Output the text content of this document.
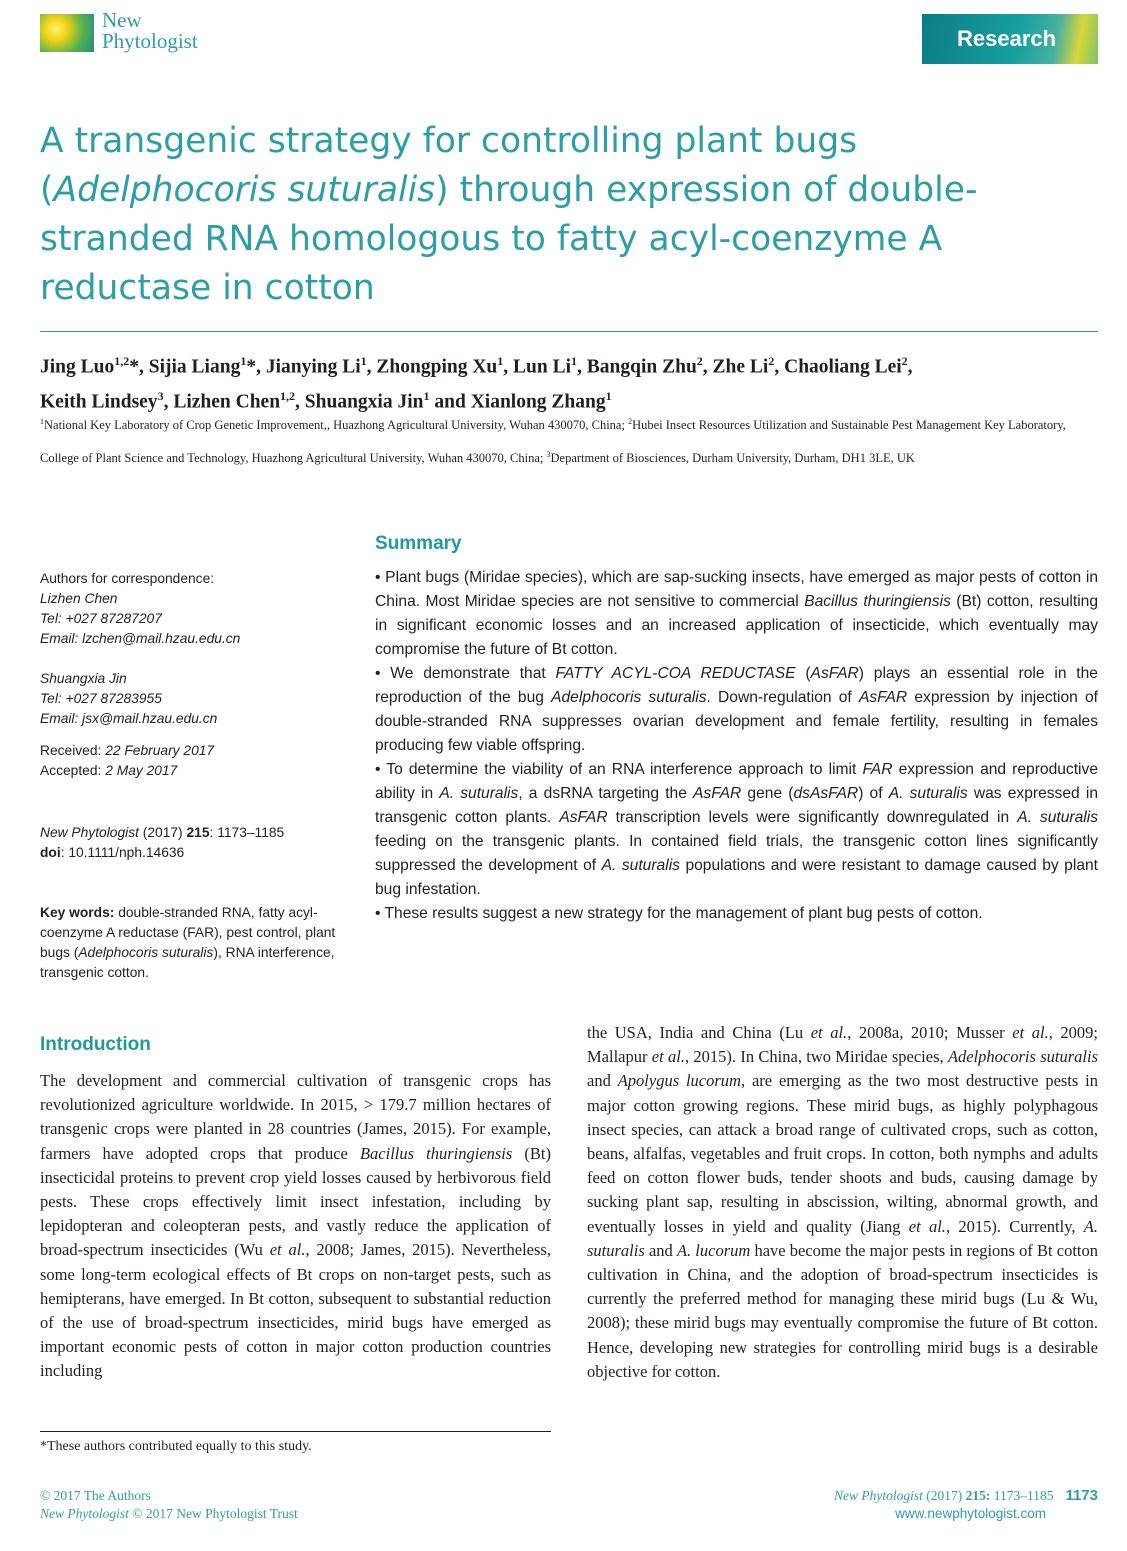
New
Phytologist	Research
A transgenic strategy for controlling plant bugs (Adelphocoris suturalis) through expression of double-stranded RNA homologous to fatty acyl-coenzyme A reductase in cotton
Jing Luo$^{1,2}$*, Sijia Liang$^1$*, Jianying Li$^1$, Zhongping Xu$^1$, Lun Li$^1$, Bangqin Zhu$^2$, Zhe Li$^2$, Chaoliang Lei$^2$,
Keith Lindsey$^3$, Lizhen Chen$^{1,2}$, Shuangxia Jin$^1$ and Xianlong Zhang$^1$
$^1$National Key Laboratory of Crop Genetic Improvement,, Huazhong Agricultural University, Wuhan 430070, China; $^2$Hubei Insect Resources Utilization and Sustainable Pest Management Key Laboratory, College of Plant Science and Technology, Huazhong Agricultural University, Wuhan 430070, China; $^3$Department of Biosciences, Durham University, Durham, DH1 3LE, UK
Authors for correspondence:
Lizhen Chen
Tel: +027 87287207
Email: lzchen@mail.hzau.edu.cn
Shuangxia Jin
Tel: +027 87283955
Email: jsx@mail.hzau.edu.cn
Received: 22 February 2017
Accepted: 2 May 2017
New Phytologist (2017) 215: 1173–1185
doi: 10.1111/nph.14636
Key words: double-stranded RNA, fatty acyl-coenzyme A reductase (FAR), pest control, plant bugs (Adelphocoris suturalis), RNA interference, transgenic cotton.
Summary

• Plant bugs (Miridae species), which are sap-sucking insects, have emerged as major pests of cotton in China. Most Miridae species are not sensitive to commercial Bacillus thuringiensis (Bt) cotton, resulting in significant economic losses and an increased application of insecticide, which eventually may compromise the future of Bt cotton.

• We demonstrate that FATTY ACYL-COA REDUCTASE (AsFAR) plays an essential role in the reproduction of the bug Adelphocoris suturalis. Down-regulation of AsFAR expression by injection of double-stranded RNA suppresses ovarian development and female fertility, resulting in females producing few viable offspring.

• To determine the viability of an RNA interference approach to limit FAR expression and reproductive ability in A. suturalis, a dsRNA targeting the AsFAR gene (dsAsFAR) of A. suturalis was expressed in transgenic cotton plants. AsFAR transcription levels were significantly downregulated in A. suturalis feeding on the transgenic plants. In contained field trials, the transgenic cotton lines significantly suppressed the development of A. suturalis populations and were resistant to damage caused by plant bug infestation.

• These results suggest a new strategy for the management of plant bug pests of cotton.

Introduction

The development and commercial cultivation of transgenic crops has revolutionized agriculture worldwide. In 2015, > 179.7 million hectares of transgenic crops were planted in 28 countries (James, 2015). For example, farmers have adopted crops that produce Bacillus thuringiensis (Bt) insecticidal proteins to prevent crop yield losses caused by herbivorous field pests. These crops effectively limit insect infestation, including by lepidopteran and coleopteran pests, and vastly reduce the application of broad-spectrum insecticides (Wu et al., 2008; James, 2015). Nevertheless, some long-term ecological effects of Bt crops on non-target pests, such as hemipterans, have emerged. In Bt cotton, subsequent to substantial reduction of the use of broad-spectrum insecticides, mirid bugs have emerged as important economic pests of cotton in major cotton production countries including

the USA, India and China (Lu et al., 2008a, 2010; Musser et al., 2009; Mallapur et al., 2015). In China, two Miridae species, Adelphocoris suturalis and Apolygus lucorum, are emerging as the two most destructive pests in major cotton growing regions. These mirid bugs, as highly polyphagous insect species, can attack a broad range of cultivated crops, such as cotton, beans, alfalfas, vegetables and fruit crops. In cotton, both nymphs and adults feed on cotton flower buds, tender shoots and buds, causing damage by sucking plant sap, resulting in abscission, wilting, abnormal growth, and eventually losses in yield and quality (Jiang et al., 2015). Currently, A. suturalis and A. lucorum have become the major pests in regions of Bt cotton cultivation in China, and the adoption of broad-spectrum insecticides is currently the preferred method for managing these mirid bugs (Lu & Wu, 2008); these mirid bugs may eventually compromise the future of Bt cotton. Hence, developing new strategies for controlling mirid bugs is a desirable objective for cotton.

*These authors contributed equally to this study.
© 2017 The Authors
New Phytologist © 2017 New Phytologist Trust
New Phytologist (2017) 215: 1173–1185 1173
www.newphytologist.com
